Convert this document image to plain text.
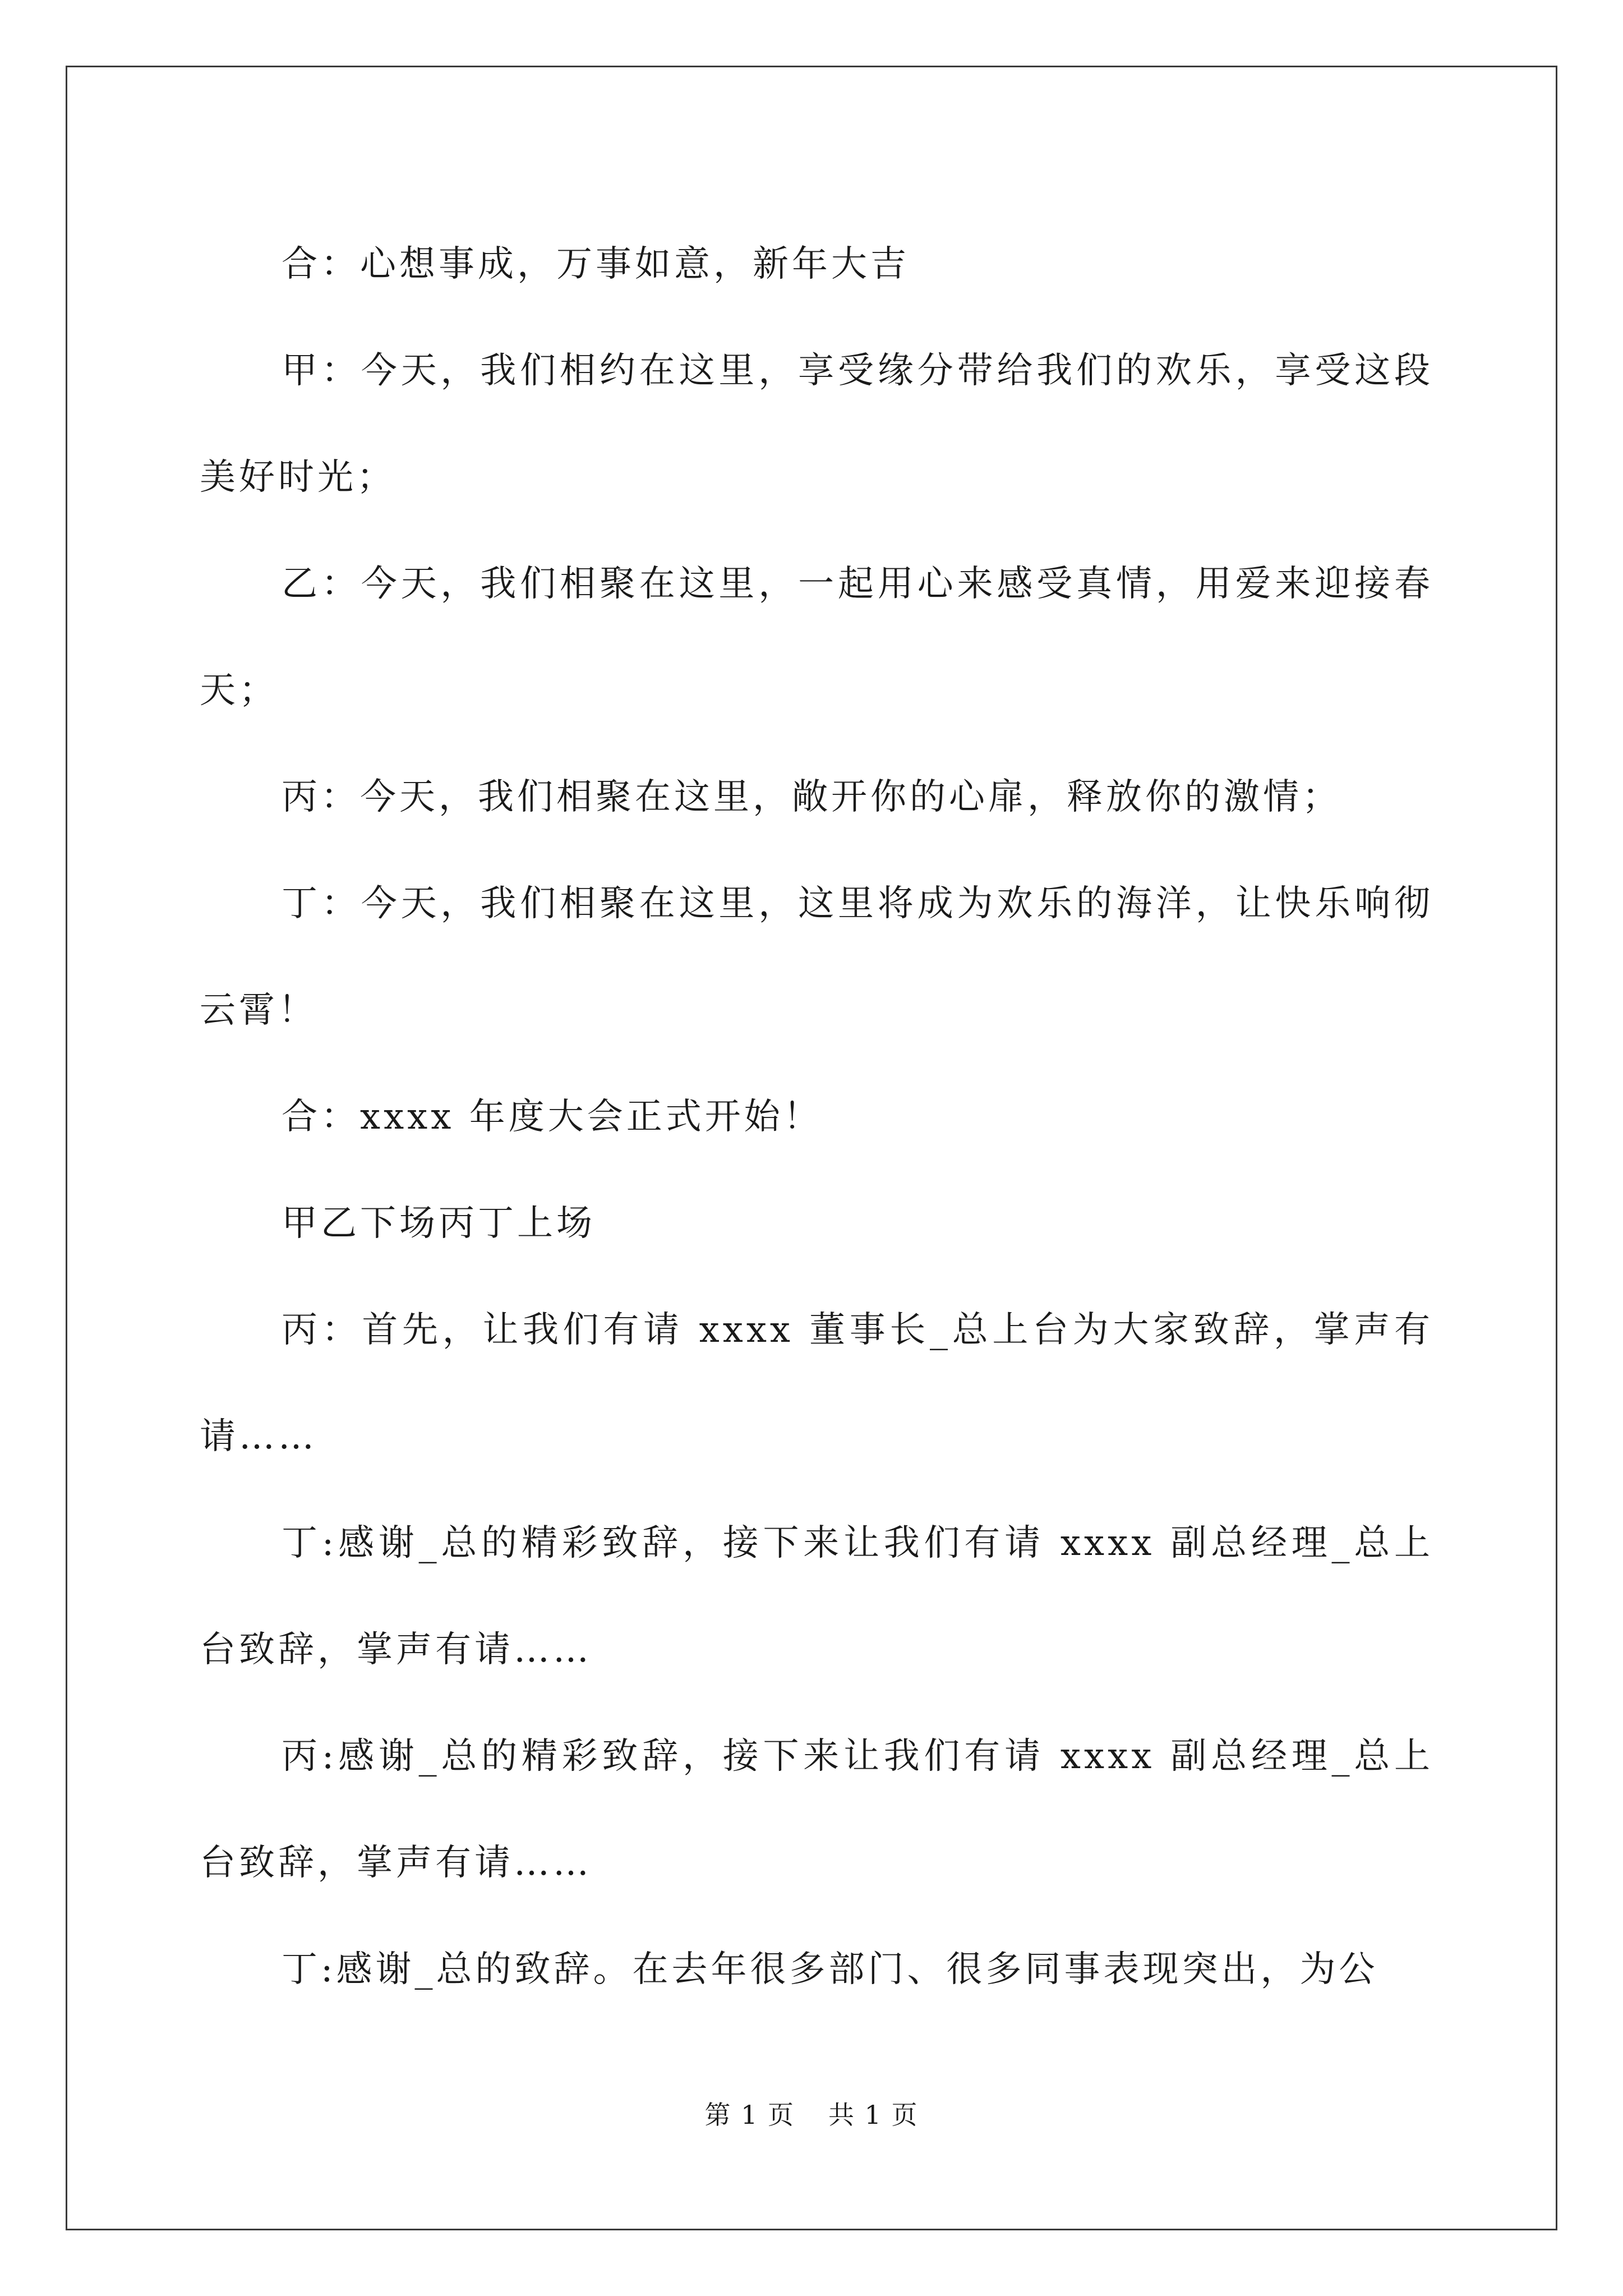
合：心想事成，万事如意，新年大吉

甲：今天，我们相约在这里，享受缘分带给我们的欢乐，享受这段美好时光；

乙：今天，我们相聚在这里，一起用心来感受真情，用爱来迎接春天；

丙：今天，我们相聚在这里，敞开你的心扉，释放你的激情；

丁：今天，我们相聚在这里，这里将成为欢乐的海洋，让快乐响彻云霄！

合：xxxx 年度大会正式开始！

甲乙下场丙丁上场

丙：首先，让我们有请 xxxx 董事长_总上台为大家致辞，掌声有请……

丁:感谢_总的精彩致辞，接下来让我们有请 xxxx 副总经理_总上台致辞，掌声有请……

丙:感谢_总的精彩致辞，接下来让我们有请 xxxx 副总经理_总上台致辞，掌声有请……

丁:感谢_总的致辞。在去年很多部门、很多同事表现突出，为公

第 1 页 共 1 页
